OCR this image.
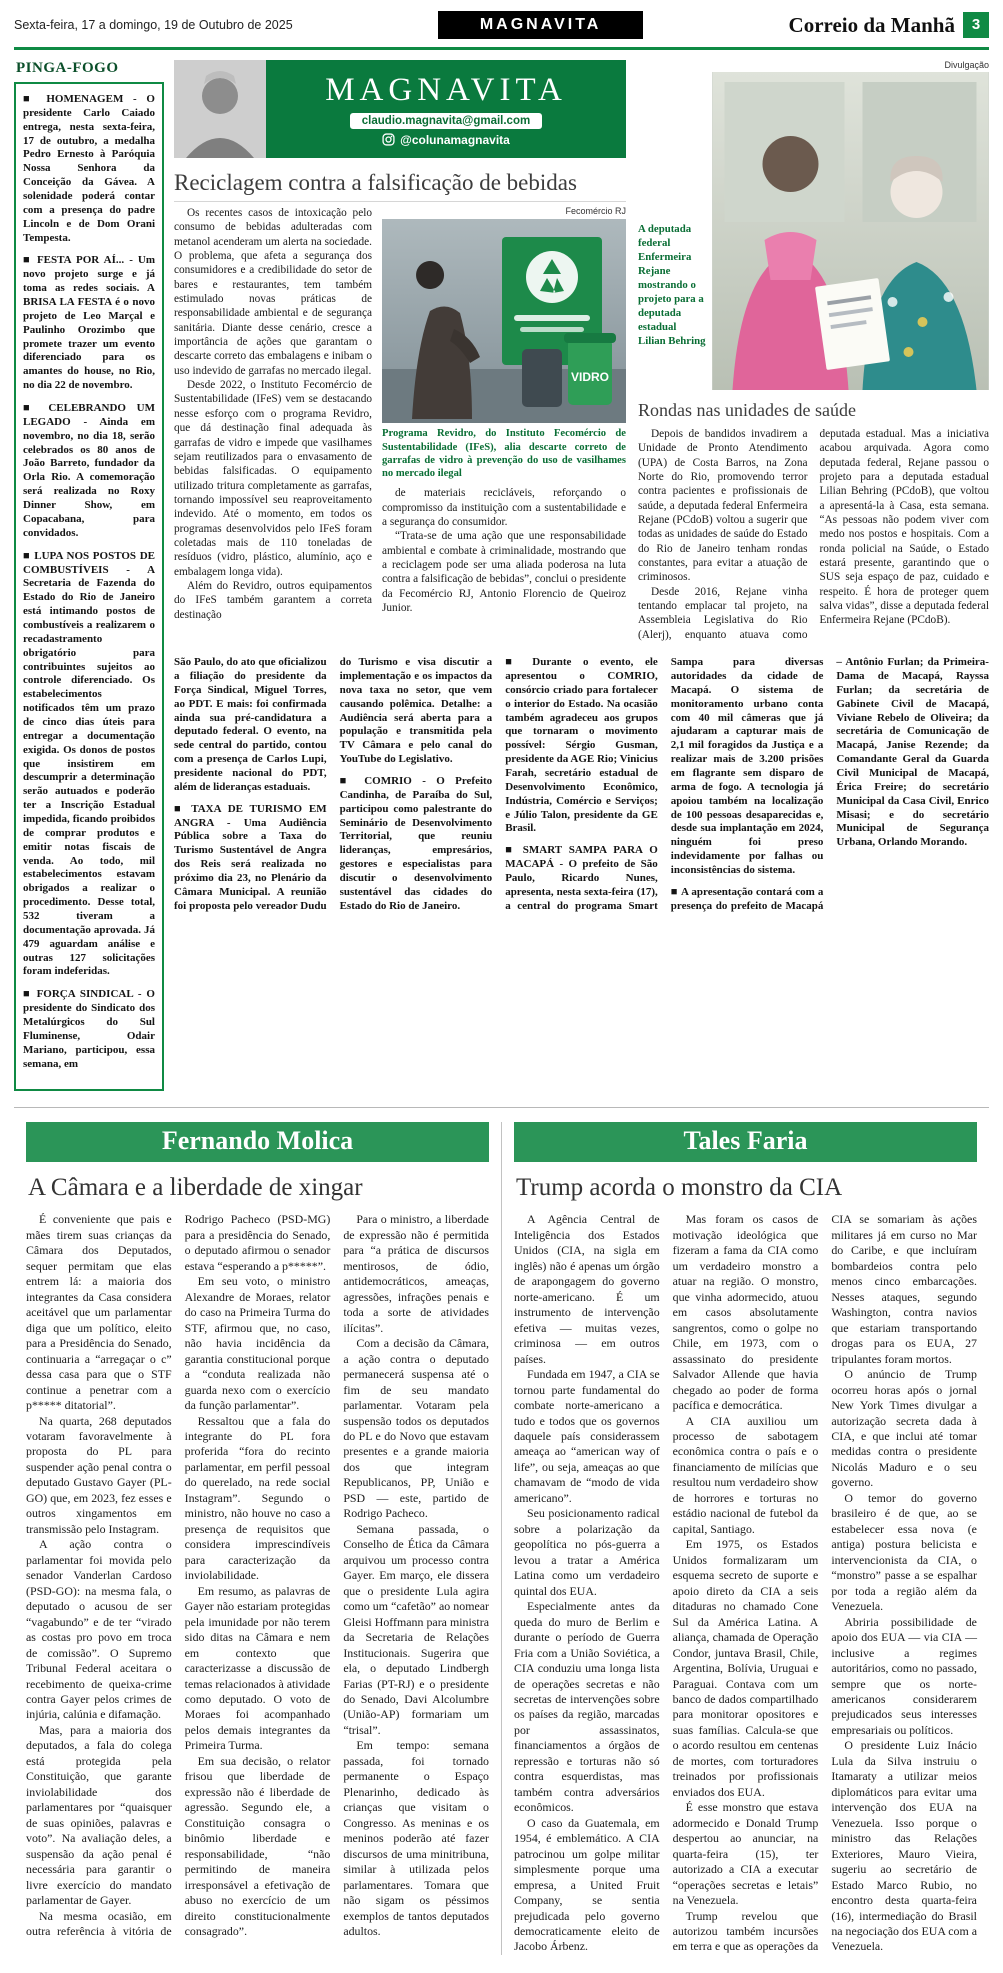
Sexta-feira, 17 a domingo, 19 de Outubro de 2025	MAGNAVITA	Correio da Manhã	3
PINGA-FOGO

■ HOMENAGEM - O presidente Carlo Caiado entrega, nesta sexta-feira, 17 de outubro, a medalha Pedro Ernesto à Paróquia Nossa Senhora da Conceição da Gávea. A solenidade poderá contar com a presença do padre Lincoln e de Dom Orani Tempesta.

■ FESTA POR AÍ... - Um novo projeto surge e já toma as redes sociais. A BRISA LA FESTA é o novo projeto de Leo Marçal e Paulinho Orozimbo que promete trazer um evento diferenciado para os amantes do house, no Rio, no dia 22 de novembro.

■ CELEBRANDO UM LEGADO - Ainda em novembro, no dia 18, serão celebrados os 80 anos de João Barreto, fundador da Orla Rio. A comemoração será realizada no Roxy Dinner Show, em Copacabana, para convidados.

■ LUPA NOS POSTOS DE COMBUSTÍVEIS - A Secretaria de Fazenda do Estado do Rio de Janeiro está intimando postos de combustíveis a realizarem o recadastramento obrigatório para contribuintes sujeitos ao controle diferenciado. Os estabelecimentos notificados têm um prazo de cinco dias úteis para entregar a documentação exigida. Os donos de postos que insistirem em descumprir a determinação serão autuados e poderão ter a Inscrição Estadual impedida, ficando proibidos de comprar produtos e emitir notas fiscais de venda. Ao todo, mil estabelecimentos estavam obrigados a realizar o procedimento. Desse total, 532 tiveram a documentação aprovada. Já 479 aguardam análise e outras 127 solicitações foram indeferidas.

■ FORÇA SINDICAL - O presidente do Sindicato dos Metalúrgicos do Sul Fluminense, Odair Mariano, participou, essa semana, em

MAGNAVITA
claudio.magnavita@gmail.com
@colunamagnavita
Reciclagem contra a falsificação de bebidas

Os recentes casos de intoxicação pelo consumo de bebidas adulteradas com metanol acenderam um alerta na sociedade. O problema, que afeta a segurança dos consumidores e a credibilidade do setor de bares e restaurantes, tem também estimulado novas práticas de responsabilidade ambiental e de segurança sanitária. Diante desse cenário, cresce a importância de ações que garantam o descarte correto das embalagens e inibam o uso indevido de garrafas no mercado ilegal.

Desde 2022, o Instituto Fecomércio de Sustentabilidade (IFeS) vem se destacando nesse esforço com o programa Revidro, que dá destinação final adequada às garrafas de vidro e impede que vasilhames sejam reutilizados para o envasamento de bebidas falsificadas. O equipamento utilizado tritura completamente as garrafas, tornando impossível seu reaproveitamento indevido. Até o momento, em todos os programas desenvolvidos pelo IFeS foram coletadas mais de 110 toneladas de resíduos (vidro, plástico, alumínio, aço e embalagem longa vida).

Além do Revidro, outros equipamentos do IFeS também garantem a correta destinação

Fecomércio RJ
VIDRO
Programa Revidro, do Instituto Fecomércio de Sustentabilidade (IFeS), alia descarte correto de garrafas de vidro à prevenção do uso de vasilhames no mercado ilegal

de materiais recicláveis, reforçando o compromisso da instituição com a sustentabilidade e a segurança do consumidor.

“Trata-se de uma ação que une responsabilidade ambiental e combate à criminalidade, mostrando que a reciclagem pode ser uma aliada poderosa na luta contra a falsificação de bebidas”, conclui o presidente da Fecomércio RJ, Antonio Florencio de Queiroz Junior.

Divulgação
A deputada federal Enfermeira Rejane mostrando o projeto para a deputada estadual Lilian Behring
Rondas nas unidades de saúde

Depois de bandidos invadirem a Unidade de Pronto Atendimento (UPA) de Costa Barros, na Zona Norte do Rio, promovendo terror contra pacientes e profissionais de saúde, a deputada federal Enfermeira Rejane (PCdoB) voltou a sugerir que todas as unidades de saúde do Estado do Rio de Janeiro tenham rondas constantes, para evitar a atuação de criminosos.

Desde 2016, Rejane vinha tentando emplacar tal projeto, na Assembleia Legislativa do Rio (Alerj), enquanto atuava como deputada estadual. Mas a iniciativa acabou arquivada. Agora como deputada federal, Rejane passou o projeto para a deputada estadual Lilian Behring (PCdoB), que voltou a apresentá-la à Casa, esta semana. “As pessoas não podem viver com medo nos postos e hospitais. Com a ronda policial na Saúde, o Estado estará presente, garantindo que o SUS seja espaço de paz, cuidado e respeito. É hora de proteger quem salva vidas”, disse a deputada federal Enfermeira Rejane (PCdoB).

São Paulo, do ato que oficializou a filiação do presidente da Força Sindical, Miguel Torres, ao PDT. E mais: foi confirmada ainda sua pré-candidatura a deputado federal. O evento, na sede central do partido, contou com a presença de Carlos Lupi, presidente nacional do PDT, além de lideranças estaduais.

■ TAXA DE TURISMO EM ANGRA - Uma Audiência Pública sobre a Taxa do Turismo Sustentável de Angra dos Reis será realizada no próximo dia 23, no Plenário da Câmara Municipal. A reunião foi proposta pelo vereador Dudu do Turismo e visa discutir a implementação e os impactos da nova taxa no setor, que vem causando polêmica. Detalhe: a Audiência será aberta para a população e transmitida pela TV Câmara e pelo canal do YouTube do Legislativo.

■ COMRIO - O Prefeito Candinha, de Paraíba do Sul, participou como palestrante do Seminário de Desenvolvimento Territorial, que reuniu lideranças, empresários, gestores e especialistas para discutir o desenvolvimento sustentável das cidades do Estado do Rio de Janeiro.

■ Durante o evento, ele apresentou o COMRIO, consórcio criado para fortalecer o interior do Estado. Na ocasião também agradeceu aos grupos que tornaram o movimento possível: Sérgio Gusman, presidente da AGE Rio; Vinicius Farah, secretário estadual de Desenvolvimento Econômico, Indústria, Comércio e Serviços; e Júlio Talon, presidente da GE Brasil.

■ SMART SAMPA PARA O MACAPÁ - O prefeito de São Paulo, Ricardo Nunes, apresenta, nesta sexta-feira (17), a central do programa Smart Sampa para diversas autoridades da cidade de Macapá. O sistema de monitoramento urbano conta com 40 mil câmeras que já ajudaram a capturar mais de 2,1 mil foragidos da Justiça e a realizar mais de 3.200 prisões em flagrante sem disparo de arma de fogo. A tecnologia já apoiou também na localização de 100 pessoas desaparecidas e, desde sua implantação em 2024, ninguém foi preso indevidamente por falhas ou inconsistências do sistema.

■ A apresentação contará com a presença do prefeito de Macapá – Antônio Furlan; da Primeira-Dama de Macapá, Rayssa Furlan; da secretária de Gabinete Civil de Macapá, Viviane Rebelo de Oliveira; da secretária de Comunicação de Macapá, Janise Rezende; da Comandante Geral da Guarda Civil Municipal de Macapá, Érica Freire; do secretário Municipal da Casa Civil, Enrico Misasi; e do secretário Municipal de Segurança Urbana, Orlando Morando.

Fernando Molica
A Câmara e a liberdade de xingar

É conveniente que pais e mães tirem suas crianças da Câmara dos Deputados, sequer permitam que elas entrem lá: a maioria dos integrantes da Casa considera aceitável que um parlamentar diga que um político, eleito para a Presidência do Senado, continuaria a “arregaçar o c” dessa casa para que o STF continue a penetrar com a p***** ditatorial”.

Na quarta, 268 deputados votaram favoravelmente à proposta do PL para suspender ação penal contra o deputado Gustavo Gayer (PL-GO) que, em 2023, fez esses e outros xingamentos em transmissão pelo Instagram.

A ação contra o parlamentar foi movida pelo senador Vanderlan Cardoso (PSD-GO): na mesma fala, o deputado o acusou de ser “vagabundo” e de ter “virado as costas pro povo em troca de comissão”. O Supremo Tribunal Federal aceitara o recebimento de queixa-crime contra Gayer pelos crimes de injúria, calúnia e difamação.

Mas, para a maioria dos deputados, a fala do colega está protegida pela Constituição, que garante inviolabilidade dos parlamentares por “quaisquer de suas opiniões, palavras e voto”. Na avaliação deles, a suspensão da ação penal é necessária para garantir o livre exercício do mandato parlamentar de Gayer.

Na mesma ocasião, em outra referência à vitória de Rodrigo Pacheco (PSD-MG) para a presidência do Senado, o deputado afirmou o senador estava “esperando a p*****”.

Em seu voto, o ministro Alexandre de Moraes, relator do caso na Primeira Turma do STF, afirmou que, no caso, não havia incidência da garantia constitucional porque a “conduta realizada não guarda nexo com o exercício da função parlamentar”.

Ressaltou que a fala do integrante do PL fora proferida “fora do recinto parlamentar, em perfil pessoal do querelado, na rede social Instagram”. Segundo o ministro, não houve no caso a presença de requisitos que considera imprescindíveis para caracterização da inviolabilidade.

Em resumo, as palavras de Gayer não estariam protegidas pela imunidade por não terem sido ditas na Câmara e nem em contexto que caracterizasse a discussão de temas relacionados à atividade como deputado. O voto de Moraes foi acompanhado pelos demais integrantes da Primeira Turma.

Em sua decisão, o relator frisou que liberdade de expressão não é liberdade de agressão. Segundo ele, a Constituição consagra o binômio liberdade e responsabilidade, “não permitindo de maneira irresponsável a efetivação de abuso no exercício de um direito constitucionalmente consagrado”.

Para o ministro, a liberdade de expressão não é permitida para “a prática de discursos mentirosos, de ódio, antidemocráticos, ameaças, agressões, infrações penais e toda a sorte de atividades ilícitas”.

Com a decisão da Câmara, a ação contra o deputado permanecerá suspensa até o fim de seu mandato parlamentar. Votaram pela suspensão todos os deputados do PL e do Novo que estavam presentes e a grande maioria dos que integram Republicanos, PP, União e PSD — este, partido de Rodrigo Pacheco.

Semana passada, o Conselho de Ética da Câmara arquivou um processo contra Gayer. Em março, ele dissera que o presidente Lula agira como um “cafetão” ao nomear Gleisi Hoffmann para ministra da Secretaria de Relações Institucionais. Sugerira que ela, o deputado Lindbergh Farias (PT-RJ) e o presidente do Senado, Davi Alcolumbre (União-AP) formariam um “trisal”.

Em tempo: semana passada, foi tornado permanente o Espaço Plenarinho, dedicado às crianças que visitam o Congresso. As meninas e os meninos poderão até fazer discursos de uma minitribuna, similar à utilizada pelos parlamentares. Tomara que não sigam os péssimos exemplos de tantos deputados adultos.

Tales Faria
Trump acorda o monstro da CIA

A Agência Central de Inteligência dos Estados Unidos (CIA, na sigla em inglês) não é apenas um órgão de arapongagem do governo norte-americano. É um instrumento de intervenção efetiva — muitas vezes, criminosa — em outros países.

Fundada em 1947, a CIA se tornou parte fundamental do combate norte-americano a tudo e todos que os governos daquele país considerassem ameaça ao “american way of life”, ou seja, ameaças ao que chamavam de “modo de vida americano”.

Seu posicionamento radical sobre a polarização da geopolítica no pós-guerra a levou a tratar a América Latina como um verdadeiro quintal dos EUA.

Especialmente antes da queda do muro de Berlim e durante o período de Guerra Fria com a União Soviética, a CIA conduziu uma longa lista de operações secretas e não secretas de intervenções sobre os países da região, marcadas por assassinatos, financiamentos a órgãos de repressão e torturas não só contra esquerdistas, mas também contra adversários econômicos.

O caso da Guatemala, em 1954, é emblemático. A CIA patrocinou um golpe militar simplesmente porque uma empresa, a United Fruit Company, se sentia prejudicada pelo governo democraticamente eleito de Jacobo Árbenz.

Mas foram os casos de motivação ideológica que fizeram a fama da CIA como um verdadeiro monstro a atuar na região. O monstro, que vinha adormecido, atuou em casos absolutamente sangrentos, como o golpe no Chile, em 1973, com o assassinato do presidente Salvador Allende que havia chegado ao poder de forma pacífica e democrática.

A CIA auxiliou um processo de sabotagem econômica contra o país e o financiamento de milícias que resultou num verdadeiro show de horrores e torturas no estádio nacional de futebol da capital, Santiago.

Em 1975, os Estados Unidos formalizaram um esquema secreto de suporte e apoio direto da CIA a seis ditaduras no chamado Cone Sul da América Latina. A aliança, chamada de Operação Condor, juntava Brasil, Chile, Argentina, Bolívia, Uruguai e Paraguai. Contava com um banco de dados compartilhado para monitorar opositores e suas famílias. Calcula-se que o acordo resultou em centenas de mortes, com torturadores treinados por profissionais enviados dos EUA.

É esse monstro que estava adormecido e Donald Trump despertou ao anunciar, na quarta-feira (15), ter autorizado a CIA a executar “operações secretas e letais” na Venezuela.

Trump revelou que autorizou também incursões em terra e que as operações da CIA se somariam às ações militares já em curso no Mar do Caribe, e que incluíram bombardeios contra pelo menos cinco embarcações. Nesses ataques, segundo Washington, contra navios que estariam transportando drogas para os EUA, 27 tripulantes foram mortos.

O anúncio de Trump ocorreu horas após o jornal New York Times divulgar a autorização secreta dada à CIA, e que inclui até tomar medidas contra o presidente Nicolás Maduro e o seu governo.

O temor do governo brasileiro é de que, ao se estabelecer essa nova (e antiga) postura belicista e intervencionista da CIA, o “monstro” passe a se espalhar por toda a região além da Venezuela.

Abriria possibilidade de apoio dos EUA — via CIA — inclusive a regimes autoritários, como no passado, sempre que os norte-americanos considerarem prejudicados seus interesses empresariais ou políticos.

O presidente Luiz Inácio Lula da Silva instruiu o Itamaraty a utilizar meios diplomáticos para evitar uma intervenção dos EUA na Venezuela. Isso porque o ministro das Relações Exteriores, Mauro Vieira, sugeriu ao secretário de Estado Marco Rubio, no encontro desta quarta-feira (16), intermediação do Brasil na negociação dos EUA com a Venezuela.
